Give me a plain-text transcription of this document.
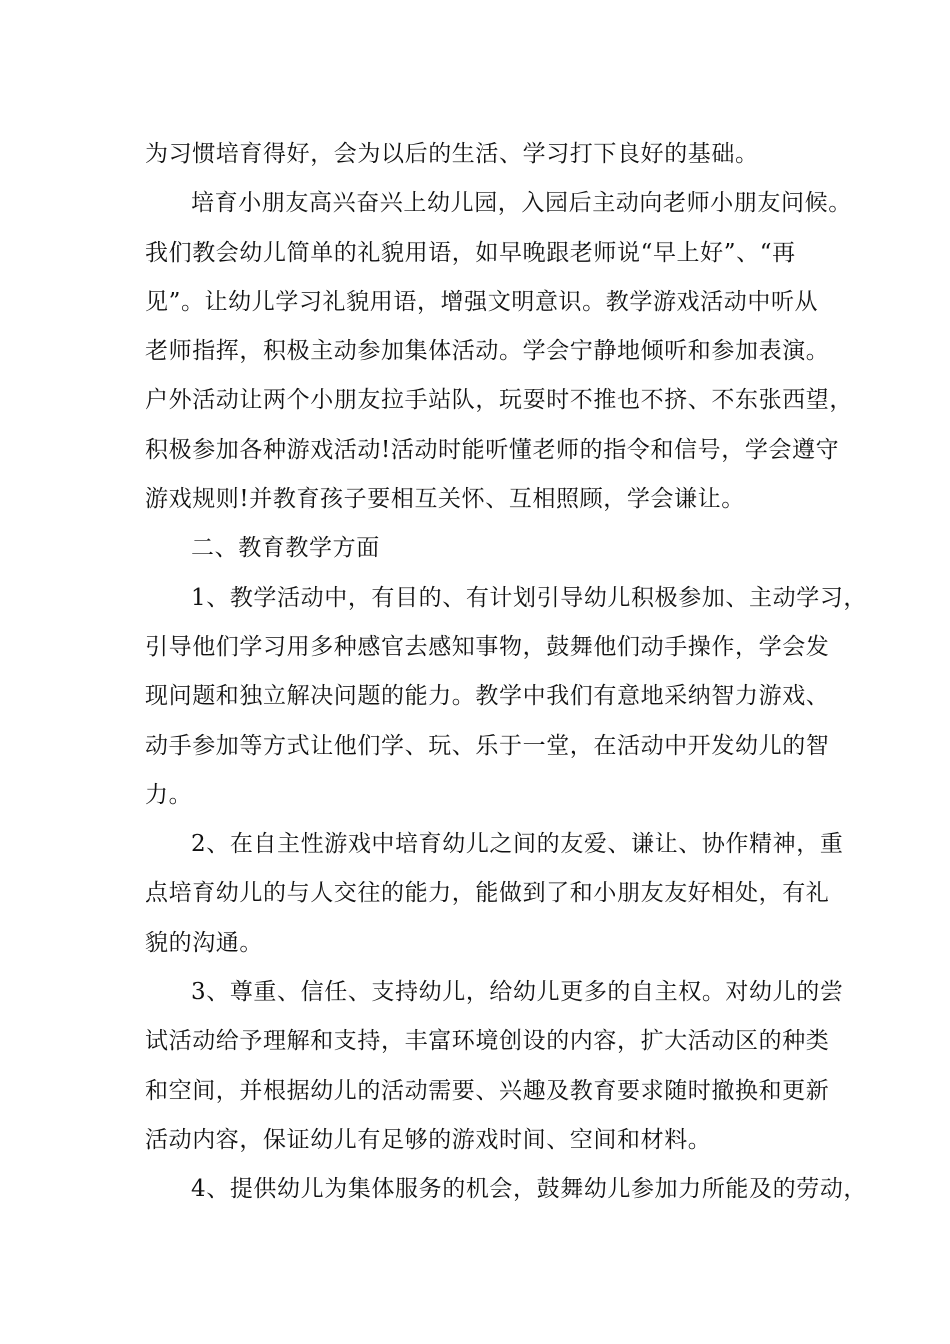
为习惯培育得好，会为以后的生活、学习打下良好的基础。
培育小朋友高兴奋兴上幼儿园，入园后主动向老师小朋友问候。
我们教会幼儿简单的礼貌用语，如早晚跟老师说“早上好”、“再
见”。让幼儿学习礼貌用语，增强文明意识。教学游戏活动中听从
老师指挥，积极主动参加集体活动。学会宁静地倾听和参加表演。
户外活动让两个小朋友拉手站队，玩耍时不推也不挤、不东张西望，
积极参加各种游戏活动!活动时能听懂老师的指令和信号，学会遵守
游戏规则!并教育孩子要相互关怀、互相照顾，学会谦让。
二、教育教学方面
1、教学活动中，有目的、有计划引导幼儿积极参加、主动学习，
引导他们学习用多种感官去感知事物，鼓舞他们动手操作，学会发
现问题和独立解决问题的能力。教学中我们有意地采纳智力游戏、
动手参加等方式让他们学、玩、乐于一堂，在活动中开发幼儿的智
力。
2、在自主性游戏中培育幼儿之间的友爱、谦让、协作精神，重
点培育幼儿的与人交往的能力，能做到了和小朋友友好相处，有礼
貌的沟通。
3、尊重、信任、支持幼儿，给幼儿更多的自主权。对幼儿的尝
试活动给予理解和支持，丰富环境创设的内容，扩大活动区的种类
和空间，并根据幼儿的活动需要、兴趣及教育要求随时撤换和更新
活动内容，保证幼儿有足够的游戏时间、空间和材料。
4、提供幼儿为集体服务的机会，鼓舞幼儿参加力所能及的劳动，
